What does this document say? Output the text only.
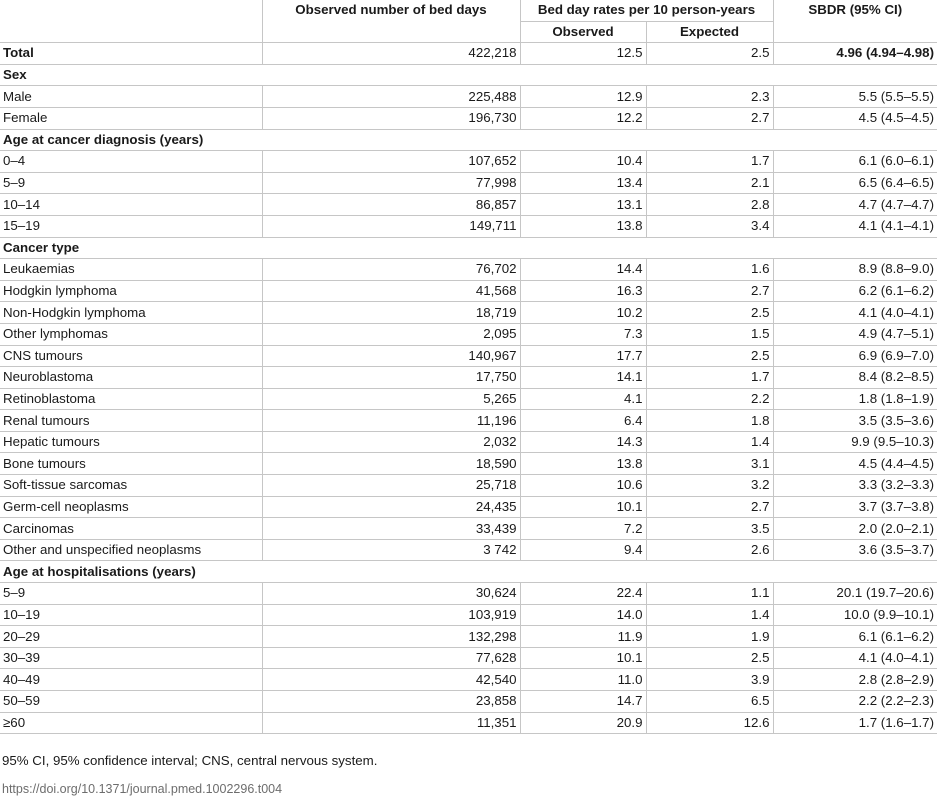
	Observed number of bed days	Bed day rates per 10 person-years		SBDR (95% CI)
		Observed	Expected	
Total	422,218	12.5	2.5	4.96 (4.94–4.98)
Sex				
Male	225,488	12.9	2.3	5.5 (5.5–5.5)
Female	196,730	12.2	2.7	4.5 (4.5–4.5)
Age at cancer diagnosis (years)				
0–4	107,652	10.4	1.7	6.1 (6.0–6.1)
5–9	77,998	13.4	2.1	6.5 (6.4–6.5)
10–14	86,857	13.1	2.8	4.7 (4.7–4.7)
15–19	149,711	13.8	3.4	4.1 (4.1–4.1)
Cancer type				
Leukaemias	76,702	14.4	1.6	8.9 (8.8–9.0)
Hodgkin lymphoma	41,568	16.3	2.7	6.2 (6.1–6.2)
Non-Hodgkin lymphoma	18,719	10.2	2.5	4.1 (4.0–4.1)
Other lymphomas	2,095	7.3	1.5	4.9 (4.7–5.1)
CNS tumours	140,967	17.7	2.5	6.9 (6.9–7.0)
Neuroblastoma	17,750	14.1	1.7	8.4 (8.2–8.5)
Retinoblastoma	5,265	4.1	2.2	1.8 (1.8–1.9)
Renal tumours	11,196	6.4	1.8	3.5 (3.5–3.6)
Hepatic tumours	2,032	14.3	1.4	9.9 (9.5–10.3)
Bone tumours	18,590	13.8	3.1	4.5 (4.4–4.5)
Soft-tissue sarcomas	25,718	10.6	3.2	3.3 (3.2–3.3)
Germ-cell neoplasms	24,435	10.1	2.7	3.7 (3.7–3.8)
Carcinomas	33,439	7.2	3.5	2.0 (2.0–2.1)
Other and unspecified neoplasms	3 742	9.4	2.6	3.6 (3.5–3.7)
Age at hospitalisations (years)				
5–9	30,624	22.4	1.1	20.1 (19.7–20.6)
10–19	103,919	14.0	1.4	10.0 (9.9–10.1)
20–29	132,298	11.9	1.9	6.1 (6.1–6.2)
30–39	77,628	10.1	2.5	4.1 (4.0–4.1)
40–49	42,540	11.0	3.9	2.8 (2.8–2.9)
50–59	23,858	14.7	6.5	2.2 (2.2–2.3)
≥60	11,351	20.9	12.6	1.7 (1.6–1.7)
95% CI, 95% confidence interval; CNS, central nervous system.
https://doi.org/10.1371/journal.pmed.1002296.t004
